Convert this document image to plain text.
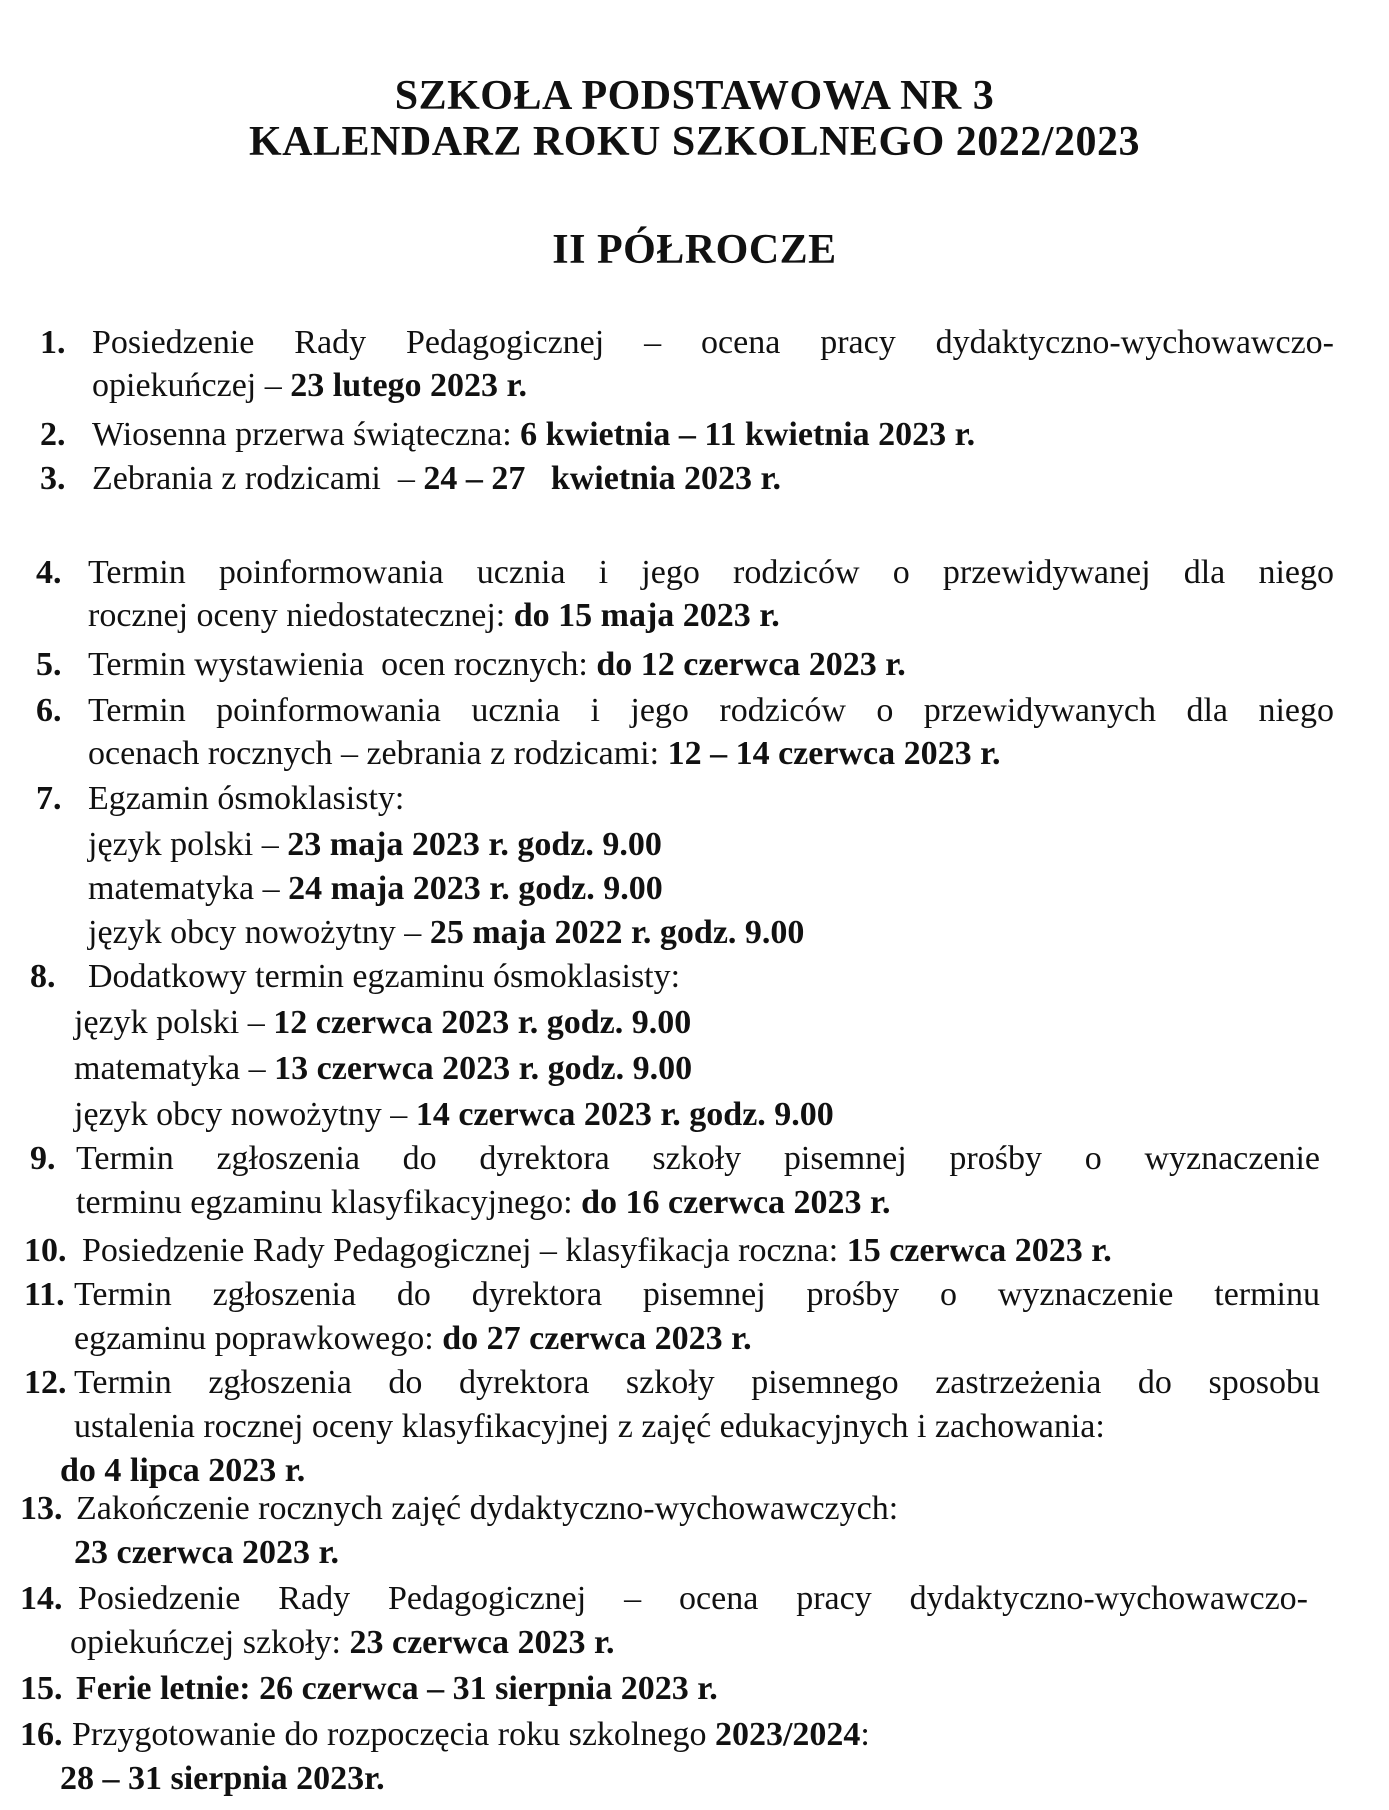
SZKOŁA PODSTAWOWA NR 3
KALENDARZ ROKU SZKOLNEGO 2022/2023
II PÓŁROCZE
1. Posiedzenie Rady Pedagogicznej – ocena pracy dydaktyczno-wychowawczo-
opiekuńczej – 23 lutego 2023 r.
2. Wiosenna przerwa świąteczna: 6 kwietnia – 11 kwietnia 2023 r.
3. Zebrania z rodzicami  – 24 – 27   kwietnia 2023 r.
4. Termin poinformowania ucznia i jego rodziców o przewidywanej dla niego
rocznej oceny niedostatecznej: do 15 maja 2023 r.
5. Termin wystawienia  ocen rocznych: do 12 czerwca 2023 r.
6. Termin poinformowania ucznia i jego rodziców o przewidywanych dla niego
ocenach rocznych – zebrania z rodzicami: 12 – 14 czerwca 2023 r.
7. Egzamin ósmoklasisty:
język polski – 23 maja 2023 r. godz. 9.00
matematyka – 24 maja 2023 r. godz. 9.00
język obcy nowożytny – 25 maja 2022 r. godz. 9.00
8. Dodatkowy termin egzaminu ósmoklasisty:
język polski – 12 czerwca 2023 r. godz. 9.00
matematyka – 13 czerwca 2023 r. godz. 9.00
język obcy nowożytny – 14 czerwca 2023 r. godz. 9.00
9. Termin zgłoszenia do dyrektora szkoły pisemnej prośby o wyznaczenie
terminu egzaminu klasyfikacyjnego: do 16 czerwca 2023 r.
10. Posiedzenie Rady Pedagogicznej – klasyfikacja roczna: 15 czerwca 2023 r.
11. Termin zgłoszenia do dyrektora pisemnej prośby o wyznaczenie terminu
egzaminu poprawkowego: do 27 czerwca 2023 r.
12. Termin zgłoszenia do dyrektora szkoły pisemnego zastrzeżenia do sposobu
ustalenia rocznej oceny klasyfikacyjnej z zajęć edukacyjnych i zachowania:
do 4 lipca 2023 r.
13. Zakończenie rocznych zajęć dydaktyczno-wychowawczych:
23 czerwca 2023 r.
14. Posiedzenie Rady Pedagogicznej – ocena pracy dydaktyczno-wychowawczo-
opiekuńczej szkoły: 23 czerwca 2023 r.
15. Ferie letnie: 26 czerwca – 31 sierpnia 2023 r.
16. Przygotowanie do rozpoczęcia roku szkolnego 2023/2024:
28 – 31 sierpnia 2023r.
